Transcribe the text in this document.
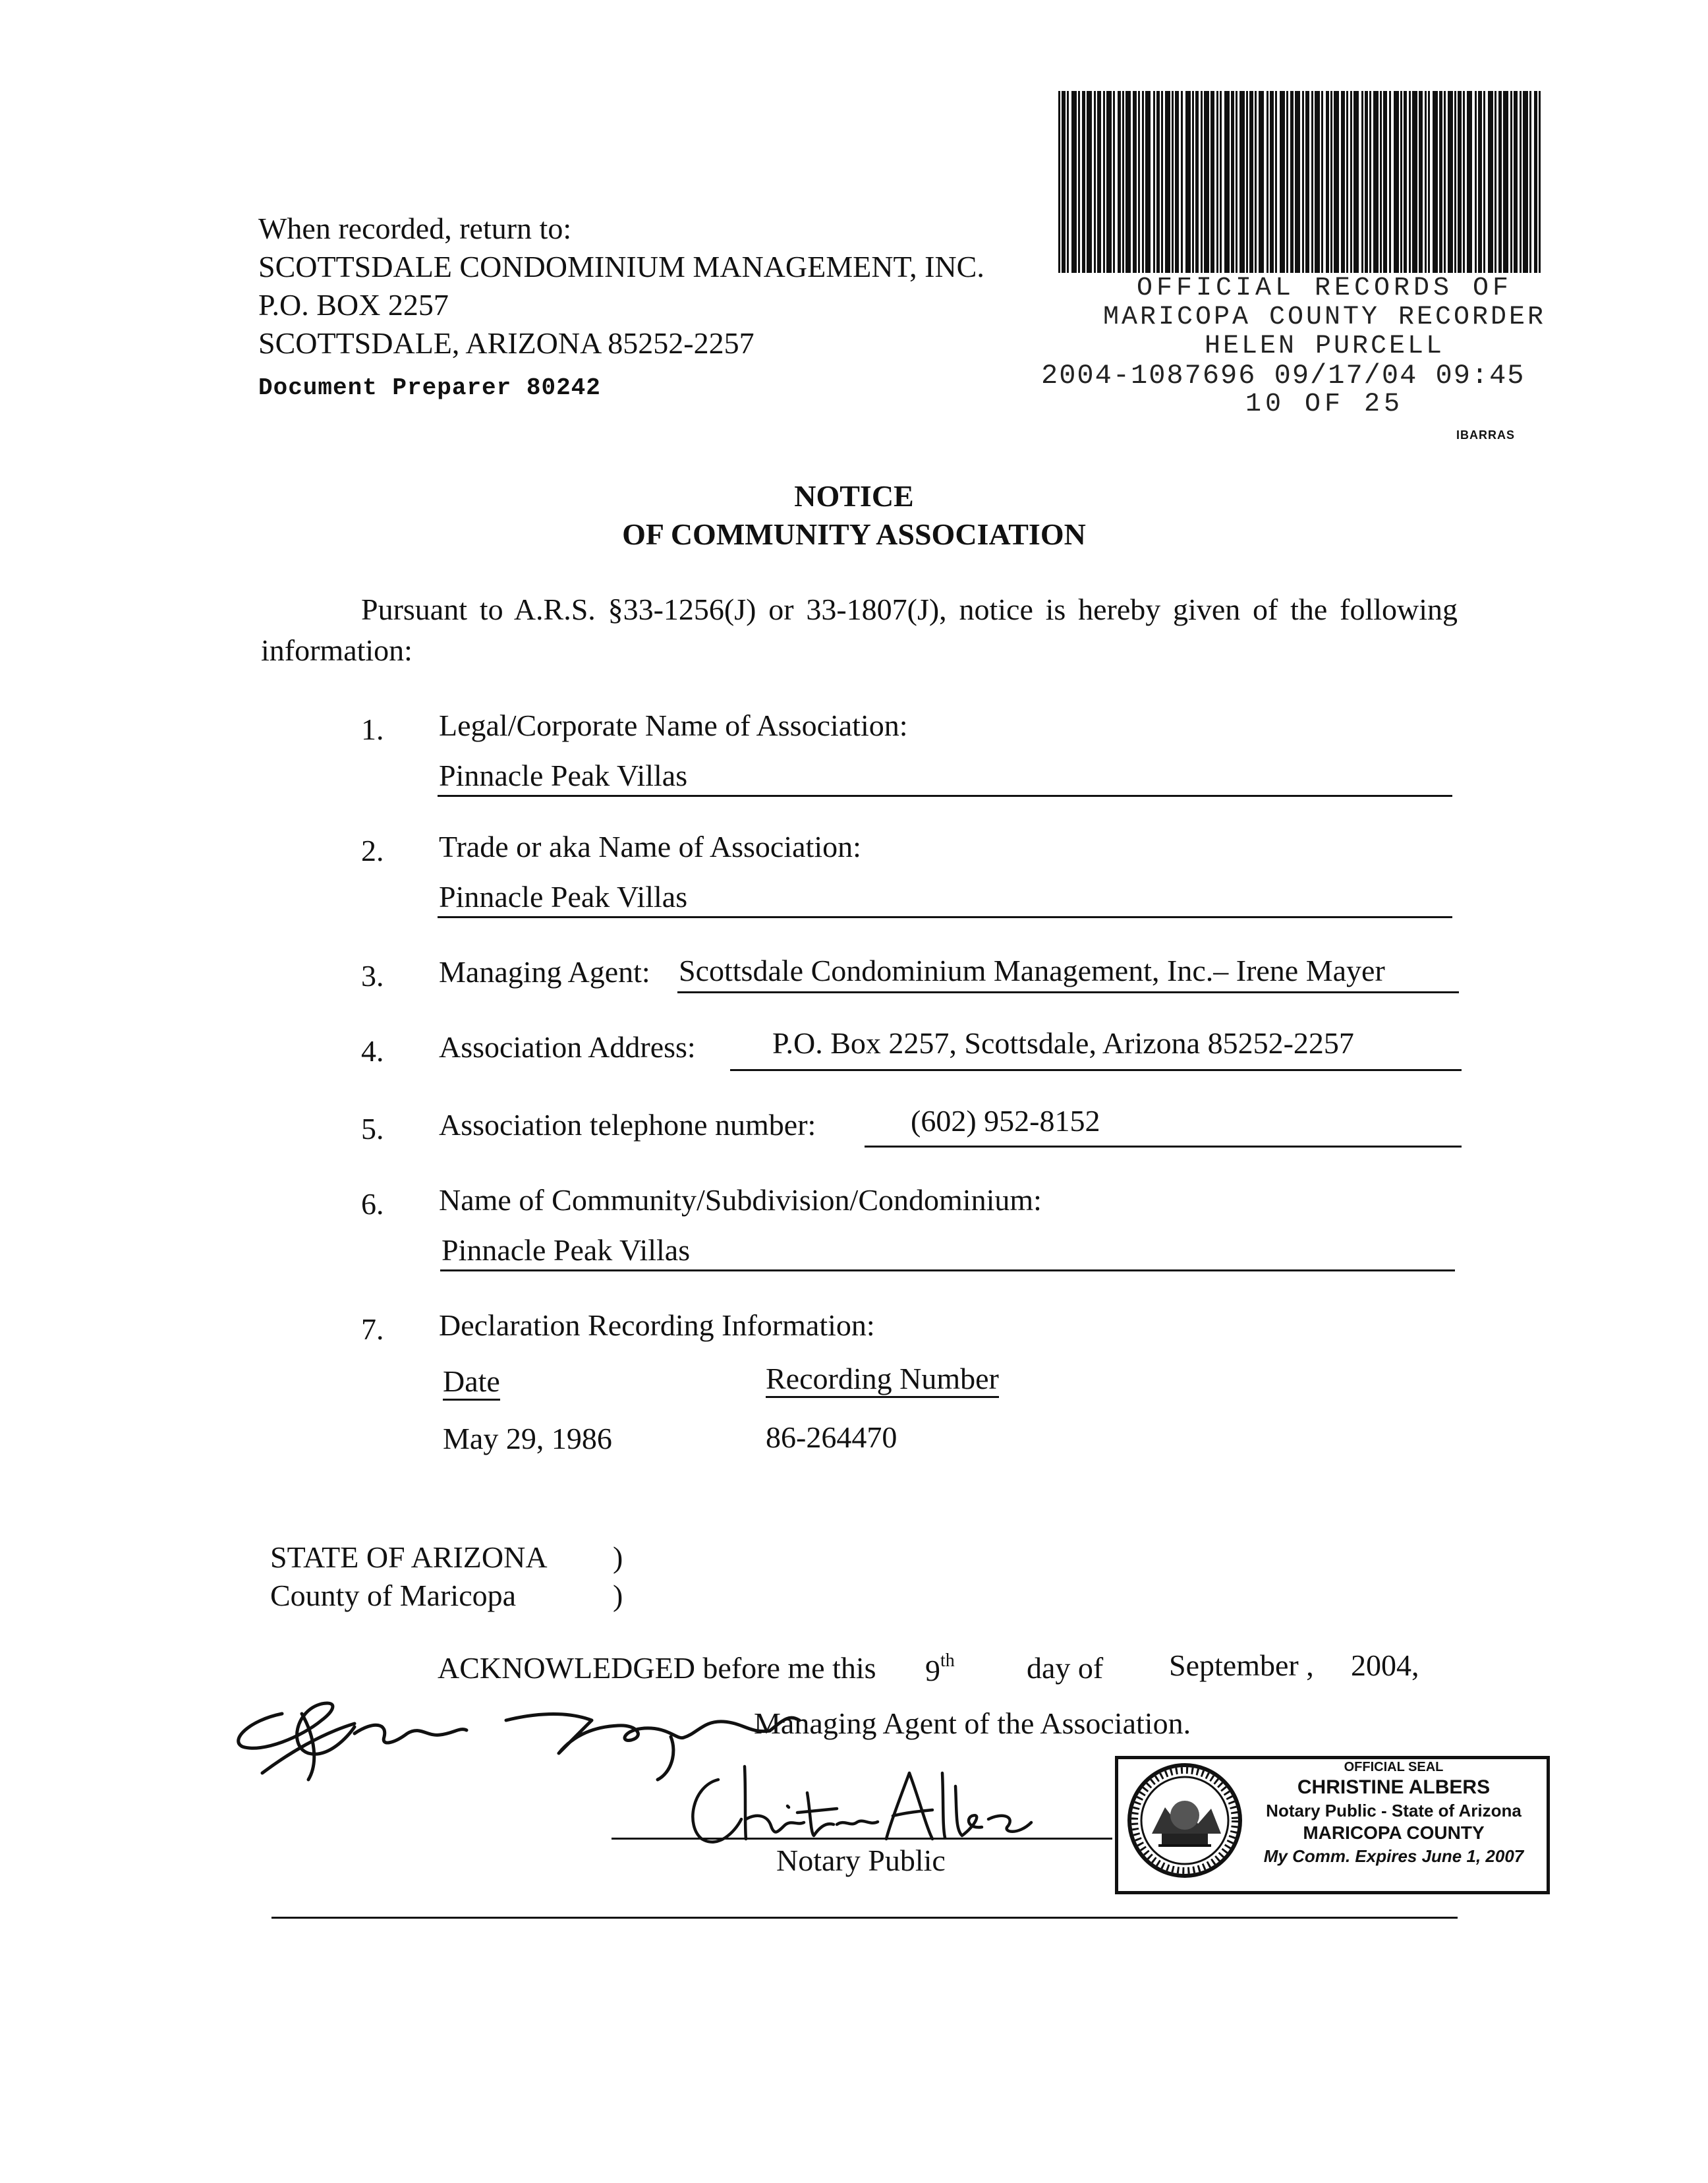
When recorded, return to:
SCOTTSDALE CONDOMINIUM MANAGEMENT, INC.
P.O. BOX 2257
SCOTTSDALE, ARIZONA 85252-2257
Document Preparer 80242
OFFICIAL RECORDS OF
MARICOPA COUNTY RECORDER
HELEN PURCELL
2004-1087696 09/17/04 09:45
10 OF 25
IBARRAS
NOTICE
OF COMMUNITY ASSOCIATION
Pursuant to A.R.S. §33-1256(J) or 33-1807(J), notice is hereby given of the following information:
1. Legal/Corporate Name of Association:
Pinnacle Peak Villas
2. Trade or aka Name of Association:
Pinnacle Peak Villas
3. Managing Agent: Scottsdale Condominium Management, Inc.– Irene Mayer
4. Association Address:	P.O. Box 2257, Scottsdale, Arizona 85252-2257
5. Association telephone number:	(602) 952-8152
6. Name of Community/Subdivision/Condominium:
Pinnacle Peak Villas
7. Declaration Recording Information:
Date	Recording Number
May 29, 1986	86-264470
STATE OF ARIZONA )
County of Maricopa	)
ACKNOWLEDGED before me this 9th day of September , 2004,
Managing Agent of the Association.
Notary Public
OFFICIAL SEAL
CHRISTINE ALBERS
Notary Public - State of Arizona
MARICOPA COUNTY
My Comm. Expires June 1, 2007
